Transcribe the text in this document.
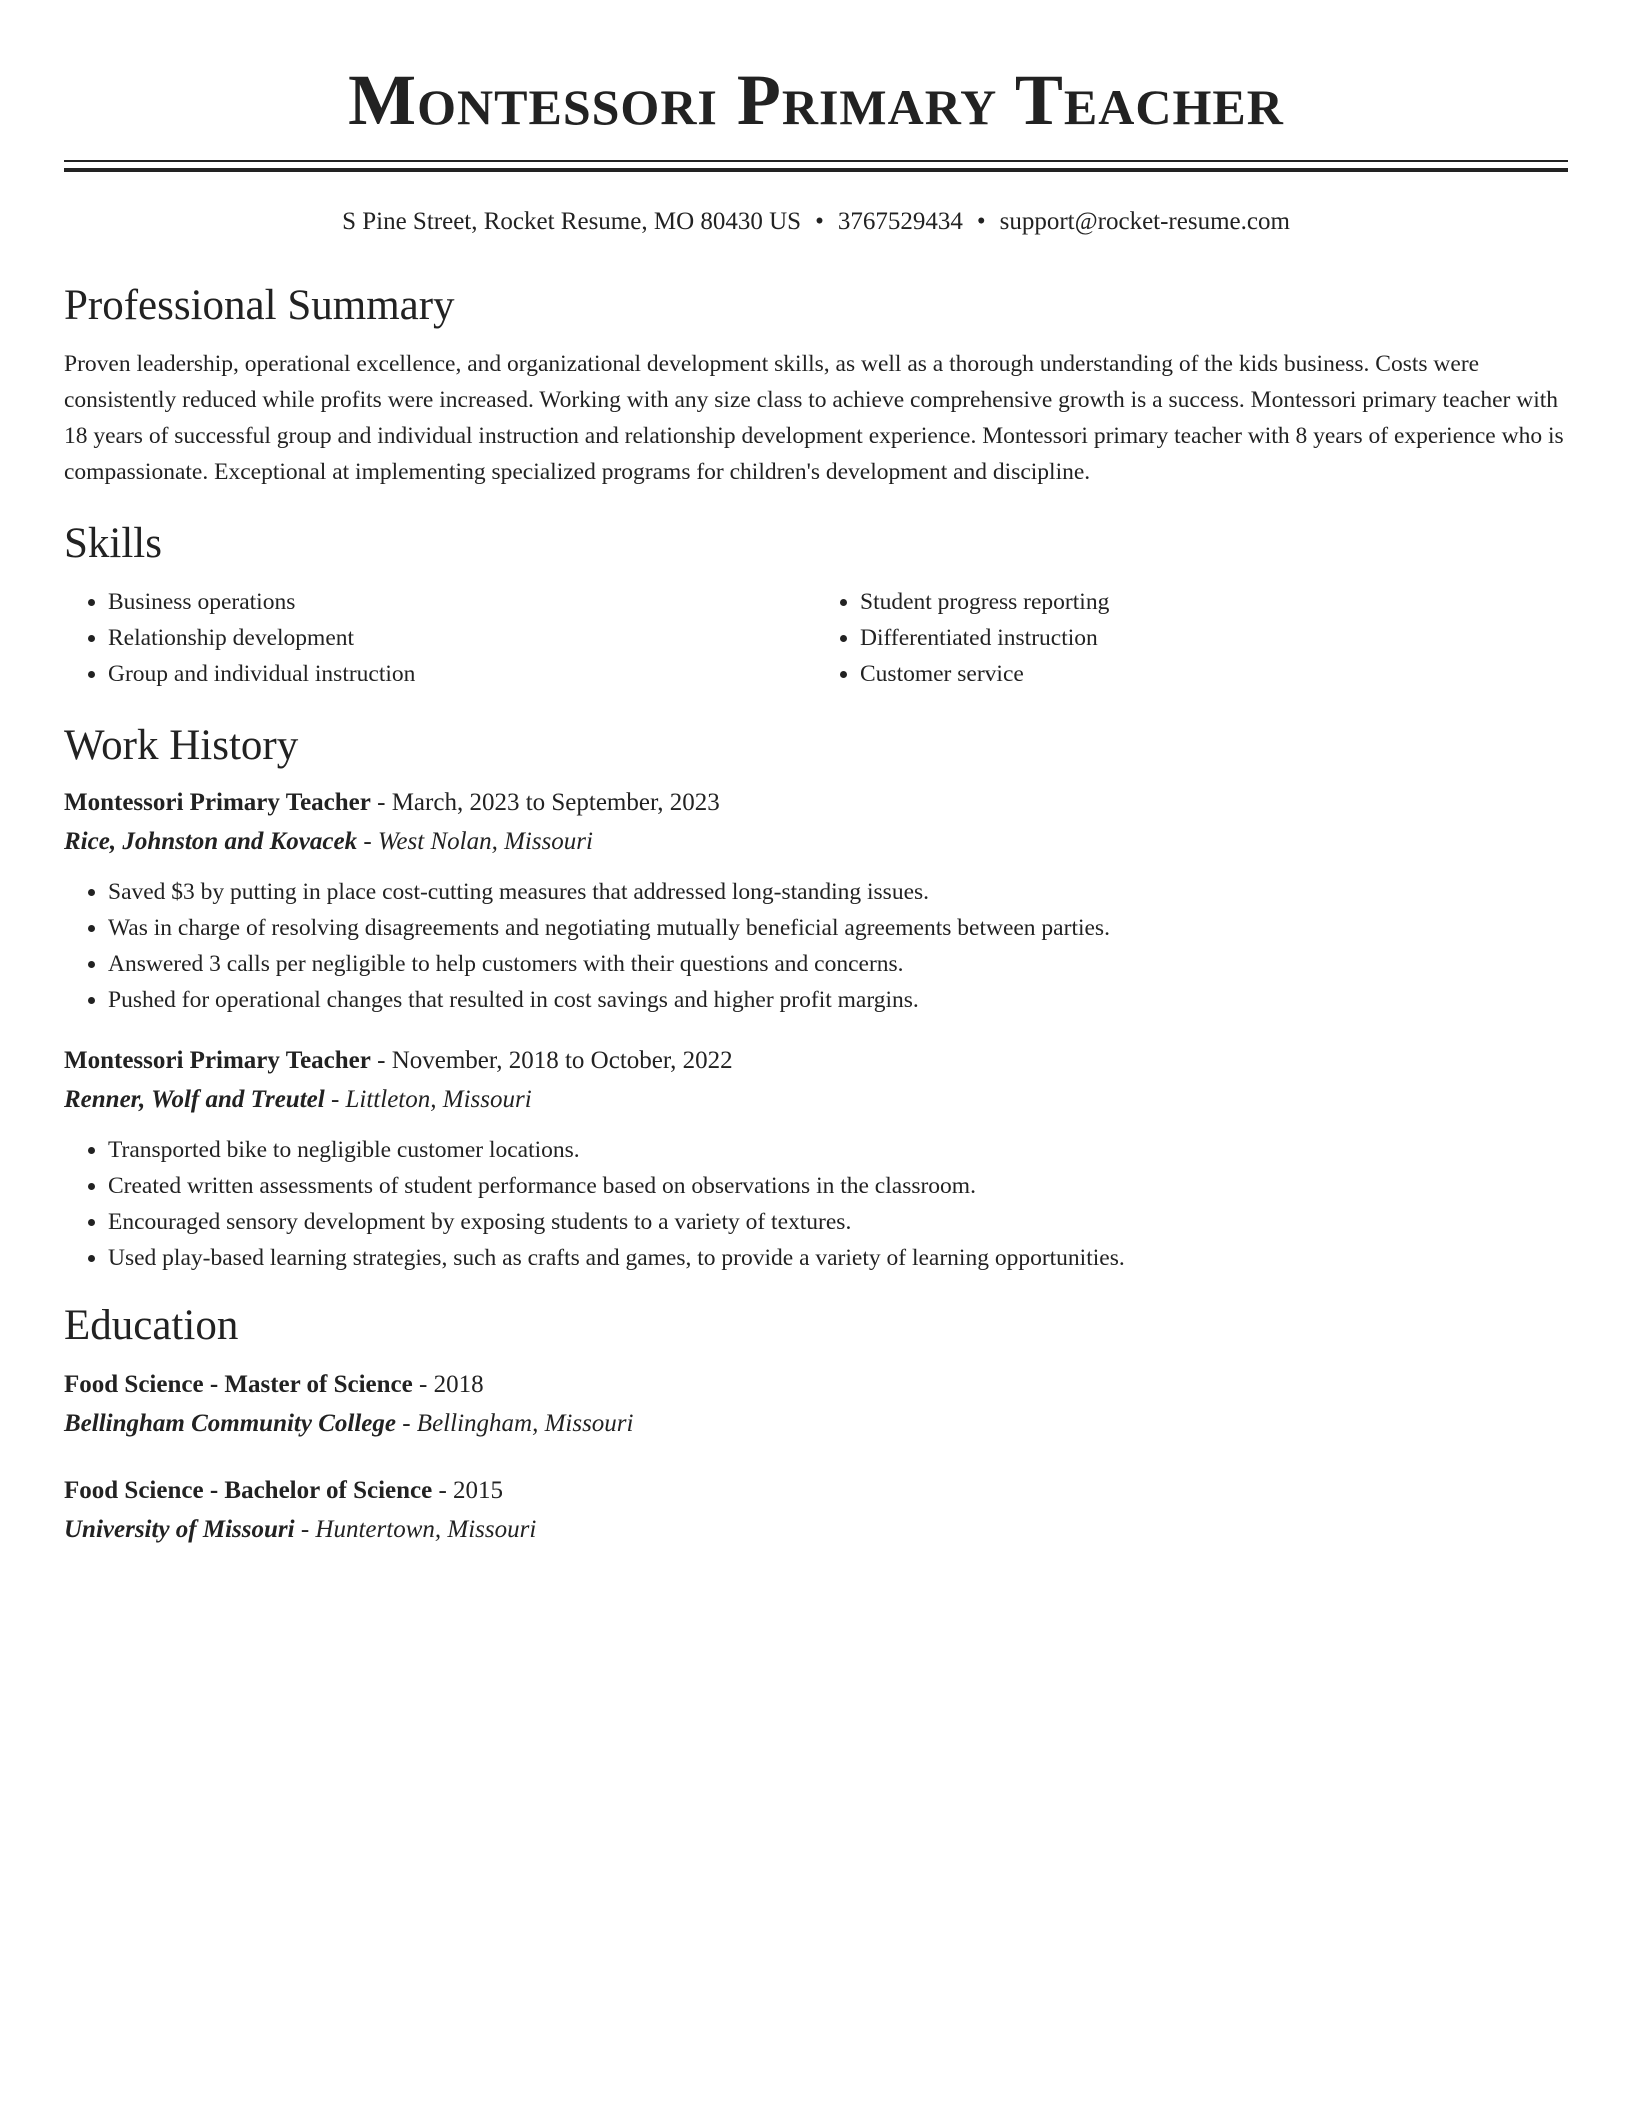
Montessori Primary Teacher
S Pine Street, Rocket Resume, MO 80430 US • 3767529434 • support@rocket-resume.com
Professional Summary

Proven leadership, operational excellence, and organizational development skills, as well as a thorough understanding of the kids business. Costs were consistently reduced while profits were increased. Working with any size class to achieve comprehensive growth is a success. Montessori primary teacher with 18 years of successful group and individual instruction and relationship development experience. Montessori primary teacher with 8 years of experience who is compassionate. Exceptional at implementing specialized programs for children's development and discipline.

Skills
• Business operations
• Relationship development
• Group and individual instruction
• Student progress reporting
• Differentiated instruction
• Customer service
Work History
Montessori Primary Teacher - March, 2023 to September, 2023
Rice, Johnston and Kovacek - West Nolan, Missouri
• Saved $3 by putting in place cost-cutting measures that addressed long-standing issues.
• Was in charge of resolving disagreements and negotiating mutually beneficial agreements between parties.
• Answered 3 calls per negligible to help customers with their questions and concerns.
• Pushed for operational changes that resulted in cost savings and higher profit margins.
Montessori Primary Teacher - November, 2018 to October, 2022
Renner, Wolf and Treutel - Littleton, Missouri
• Transported bike to negligible customer locations.
• Created written assessments of student performance based on observations in the classroom.
• Encouraged sensory development by exposing students to a variety of textures.
• Used play-based learning strategies, such as crafts and games, to provide a variety of learning opportunities.
Education
Food Science - Master of Science - 2018
Bellingham Community College - Bellingham, Missouri
Food Science - Bachelor of Science - 2015
University of Missouri - Huntertown, Missouri
